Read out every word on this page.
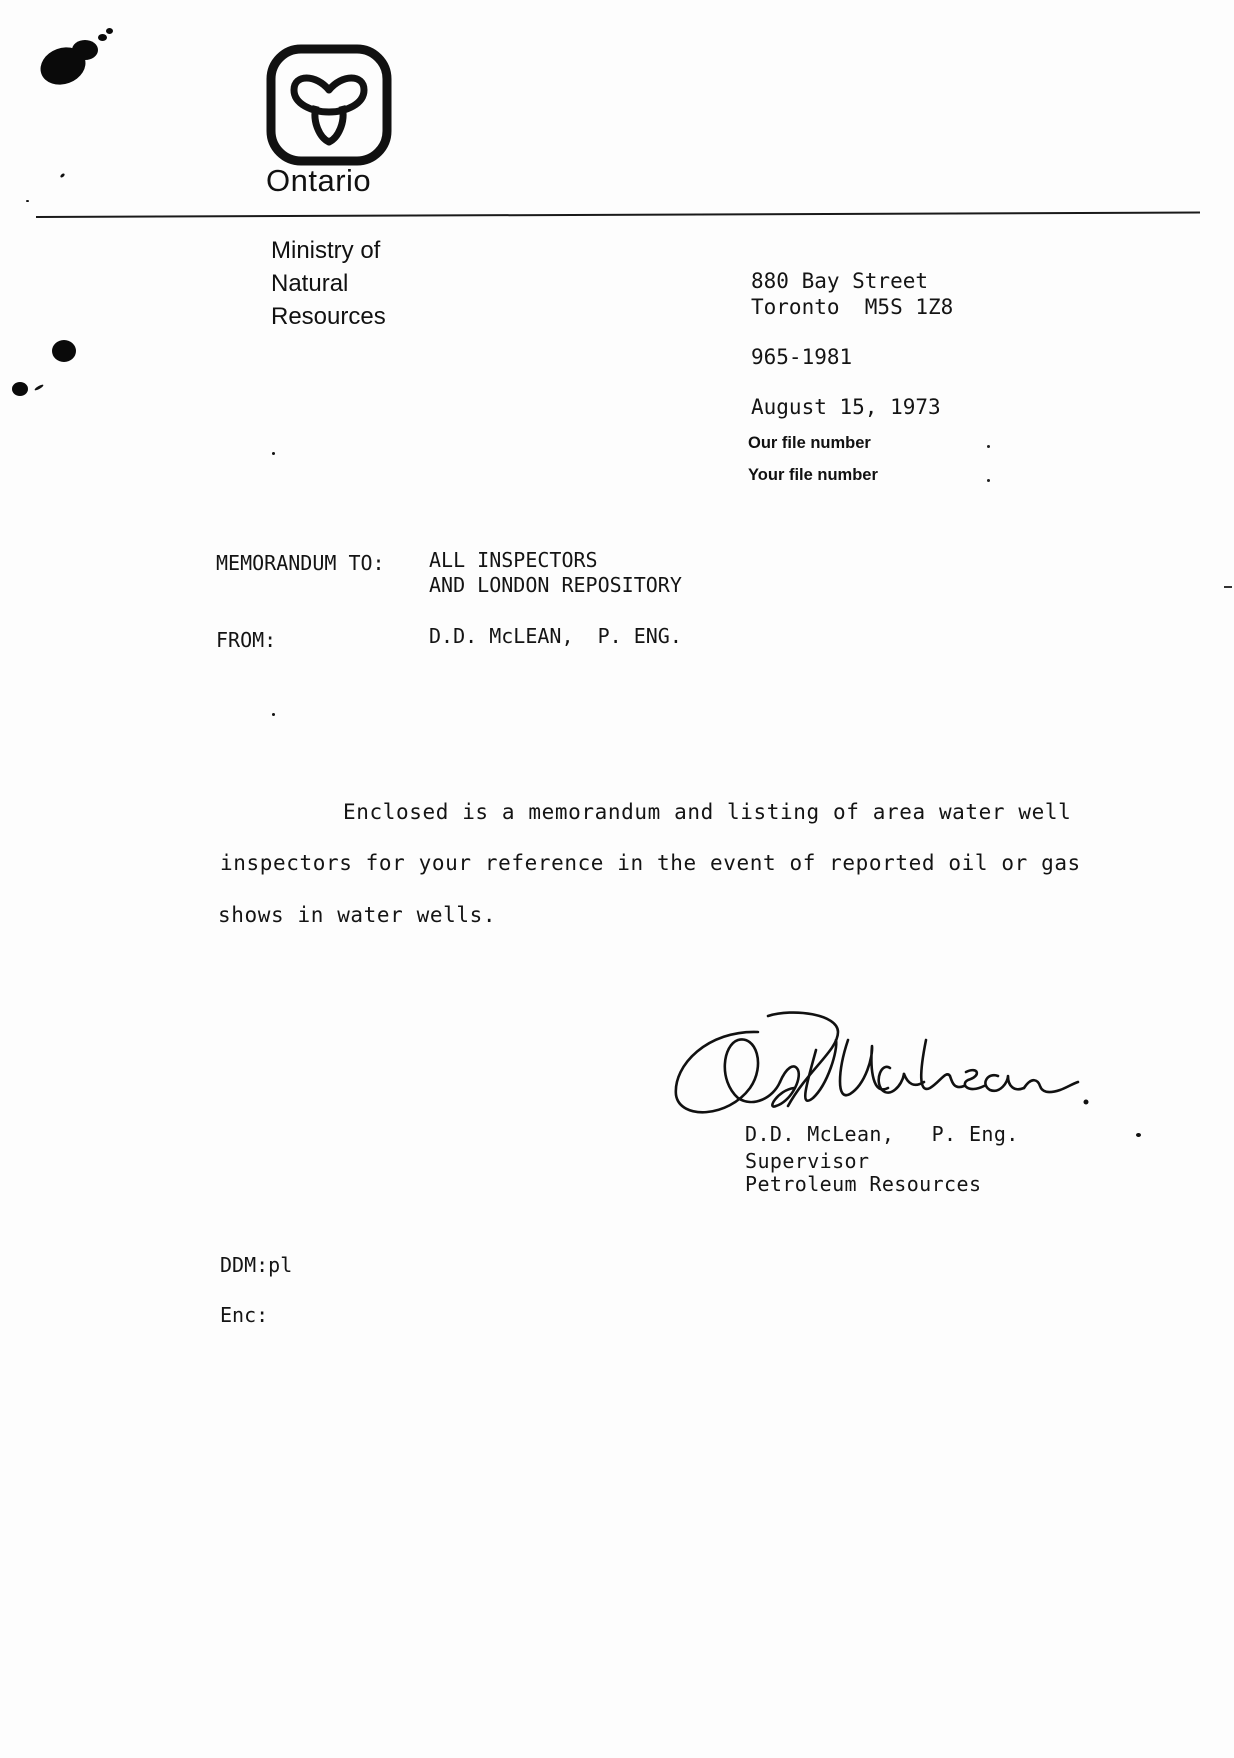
Ontario
Ministry of
Natural
Resources
880 Bay Street
Toronto  M5S 1Z8
965-1981
August 15, 1973
Our file number
Your file number
MEMORANDUM TO: ALL INSPECTORS
AND LONDON REPOSITORY
FROM:	D.D. McLEAN,  P. ENG.
Enclosed is a memorandum and listing of area water well
inspectors for your reference in the event of reported oil or gas
shows in water wells.
D.D. McLean,   P. Eng.
Supervisor
Petroleum Resources
DDM:pl
Enc:
